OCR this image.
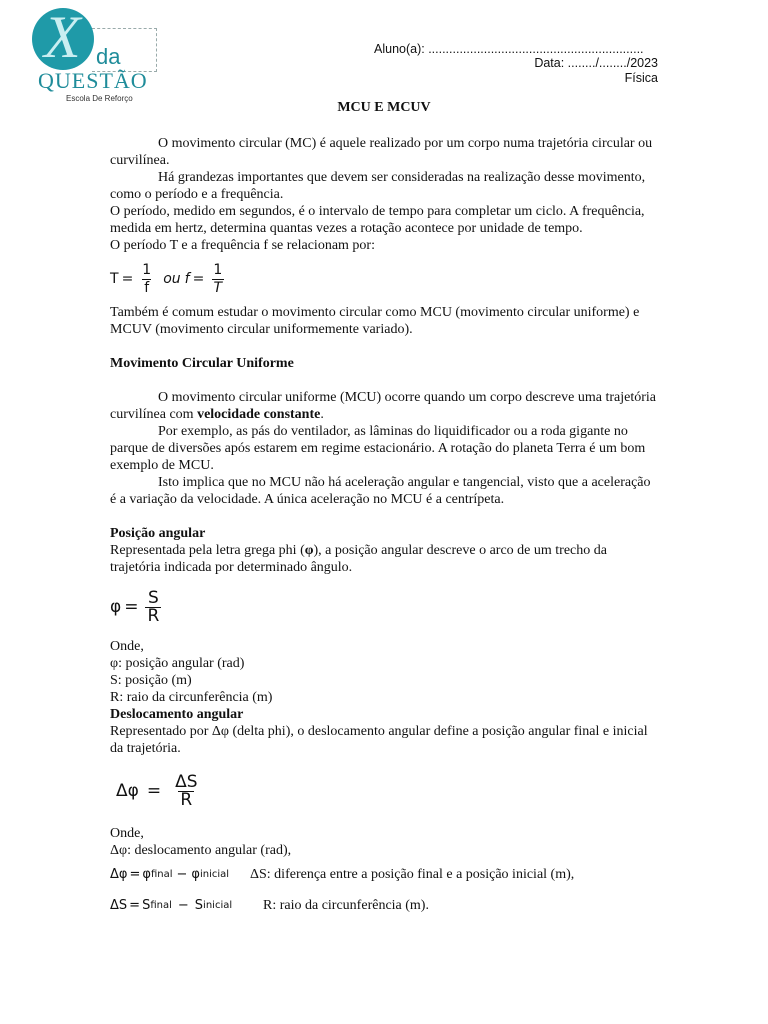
X da
QUESTÃO
Escola De Reforço
Aluno(a): ..............................................................
Data: ......../......../2023
Física
MCU E MCUV

O movimento circular (MC) é aquele realizado por um corpo numa trajetória circular ou curvilínea.

Há grandezas importantes que devem ser consideradas na realização desse movimento, como o período e a frequência.

O período, medido em segundos, é o intervalo de tempo para completar um ciclo. A frequência, medida em hertz, determina quantas vezes a rotação acontece por unidade de tempo.

O período T e a frequência f se relacionam por:

$T = \frac{1}{f}$ ou $f = \frac{1}{T}$

Também é comum estudar o movimento circular como MCU (movimento circular uniforme) e MCUV (movimento circular uniformemente variado).

Movimento Circular Uniforme

O movimento circular uniforme (MCU) ocorre quando um corpo descreve uma trajetória curvilínea com velocidade constante.

Por exemplo, as pás do ventilador, as lâminas do liquidificador ou a roda gigante no parque de diversões após estarem em regime estacionário. A rotação do planeta Terra é um bom exemplo de MCU.

Isto implica que no MCU não há aceleração angular e tangencial, visto que a aceleração é a variação da velocidade. A única aceleração no MCU é a centrípeta.

Posição angular

Representada pela letra grega phi (φ), a posição angular descreve o arco de um trecho da trajetória indicada por determinado ângulo.

$\varphi = \frac{S}{R}$

Onde,

φ: posição angular (rad)

S: posição (m)

R: raio da circunferência (m)

Deslocamento angular

Representado por Δφ (delta phi), o deslocamento angular define a posição angular final e inicial da trajetória.

$\Delta\varphi = \frac{\Delta S}{R}$

Onde,

Δφ: deslocamento angular (rad),

Δφ = φ final − φ inicial ΔS: diferença entre a posição final e a posição inicial (m),
ΔS = S final − S inicial R: raio da circunferência (m).
